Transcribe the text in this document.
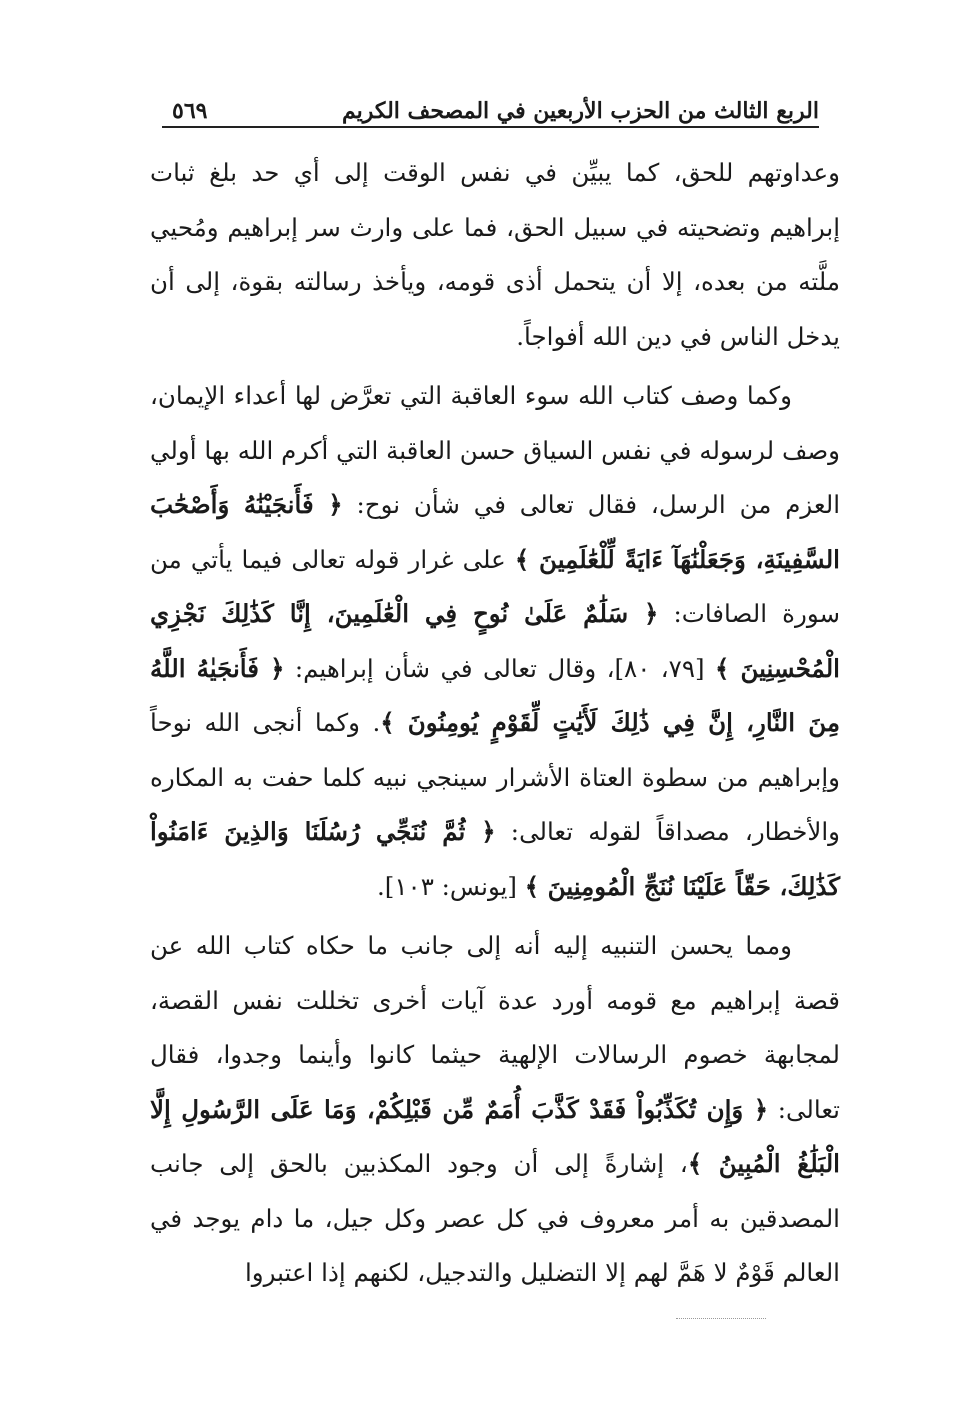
الربع الثالث من الحزب الأربعين في المصحف الكريم
٥٦٩

وعداوتهم للحق، كما يبيِّن في نفس الوقت إلى أي حد بلغ ثبات إبراهيم وتضحيته في سبيل الحق، فما على وارث سر إبراهيم ومُحيي ملَّته من بعده، إلا أن يتحمل أذى قومه، ويأخذ رسالته بقوة، إلى أن يدخل الناس في دين الله أفواجاً.

وكما وصف كتاب الله سوء العاقبة التي تعرَّض لها أعداء الإيمان، وصف لرسوله في نفس السياق حسن العاقبة التي أكرم الله بها أولي العزم من الرسل، فقال تعالى في شأن نوح: ﴿ فَأَنجَيْنَٰهُ وَأَصْحَٰبَ السَّفِينَةِ، وَجَعَلْنَٰهَآ ءَايَةً لِّلْعَٰلَمِينَ ﴾ على غرار قوله تعالى فيما يأتي من سورة الصافات: ﴿ سَلَٰمٌ عَلَىٰ نُوحٍ فِي الْعَٰلَمِينَ، إِنَّا كَذَٰلِكَ نَجْزِي الْمُحْسِنِينَ ﴾ [٧٩، ٨٠]، وقال تعالى في شأن إبراهيم: ﴿ فَأَنجَيٰهُ اللَّهُ مِنَ النَّارِ، إِنَّ فِي ذَٰلِكَ لَأَيَٰتٍ لِّقَوْمٍ يُومِنُونَ ﴾. وكما أنجى الله نوحاً وإبراهيم من سطوة العتاة الأشرار سينجي نبيه كلما حفت به المكاره والأخطار، مصداقاً لقوله تعالى: ﴿ ثُمَّ نُنَجِّي رُسُلَنَا وَالذِينَ ءَامَنُواْ كَذَٰلِكَ، حَقّاً عَلَيْنَا نُنَجِّ الْمُومِنِينَ ﴾ [يونس: ١٠٣].

ومما يحسن التنبيه إليه أنه إلى جانب ما حكاه كتاب الله عن قصة إبراهيم مع قومه أورد عدة آيات أخرى تخللت نفس القصة، لمجابهة خصوم الرسالات الإلهية حيثما كانوا وأينما وجدوا، فقال تعالى: ﴿ وَإِن تُكَذِّبُواْ فَقَدْ كَذَّبَ أُمَمٌ مِّن قَبْلِكُمْ، وَمَا عَلَى الرَّسُولِ إِلَّا الْبَلَٰغُ الْمُبِينُ ﴾، إشارةً إلى أن وجود المكذبين بالحق إلى جانب المصدقين به أمر معروف في كل عصر وكل جيل، ما دام يوجد في العالم قَوْمٌ لا هَمَّ لهم إلا التضليل والتدجيل، لكنهم إذا اعتبروا
